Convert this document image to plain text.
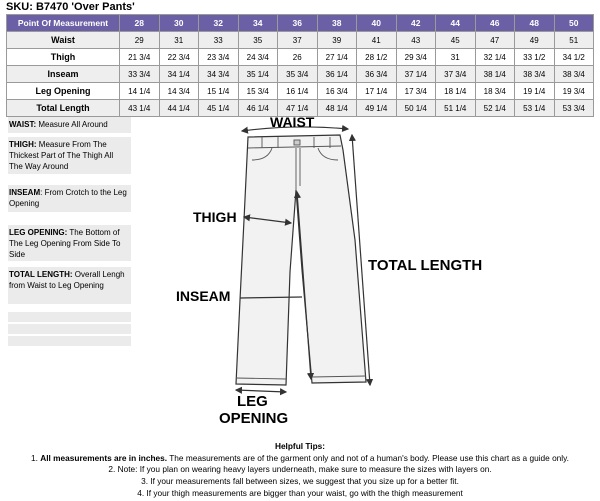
SKU: B7470 'Over Pants'
Point Of Measurement	28	30	32	34	36	38	40	42	44	46	48	50
Waist	29	31	33	35	37	39	41	43	45	47	49	51
Thigh	21 3/4	22 3/4	23 3/4	24 3/4	26	27 1/4	28 1/2	29 3/4	31	32 1/4	33 1/2	34 1/2
Inseam	33 3/4	34 1/4	34 3/4	35 1/4	35 3/4	36 1/4	36 3/4	37 1/4	37 3/4	38 1/4	38 3/4	38 3/4
Leg Opening	14 1/4	14 3/4	15 1/4	15 3/4	16 1/4	16 3/4	17 1/4	17 3/4	18 1/4	18 3/4	19 1/4	19 3/4
Total Length	43 1/4	44 1/4	45 1/4	46 1/4	47 1/4	48 1/4	49 1/4	50 1/4	51 1/4	52 1/4	53 1/4	53 3/4
WAIST: Measure All Around
THIGH: Measure From The Thickest Part of The Thigh All The Way Around
INSEAM: From Crotch to the Leg Opening
LEG OPENING: The Bottom of The Leg Opening From Side To Side
TOTAL LENGTH: Overall Lengh from Waist to Leg Opening
WAIST
THIGH
INSEAM
TOTAL LENGTH
LEG
OPENING
Helpful Tips:
1. All measurements are in inches. The measurements are of the garment only and not of a human's body. Please use this chart as a guide only.
2. Note: If you plan on wearing heavy layers underneath, make sure to measure the sizes with layers on.
3. If your measurements fall between sizes, we suggest that you size up for a better fit.
4. If your thigh measurements are bigger than your waist, go with the thigh measurement
